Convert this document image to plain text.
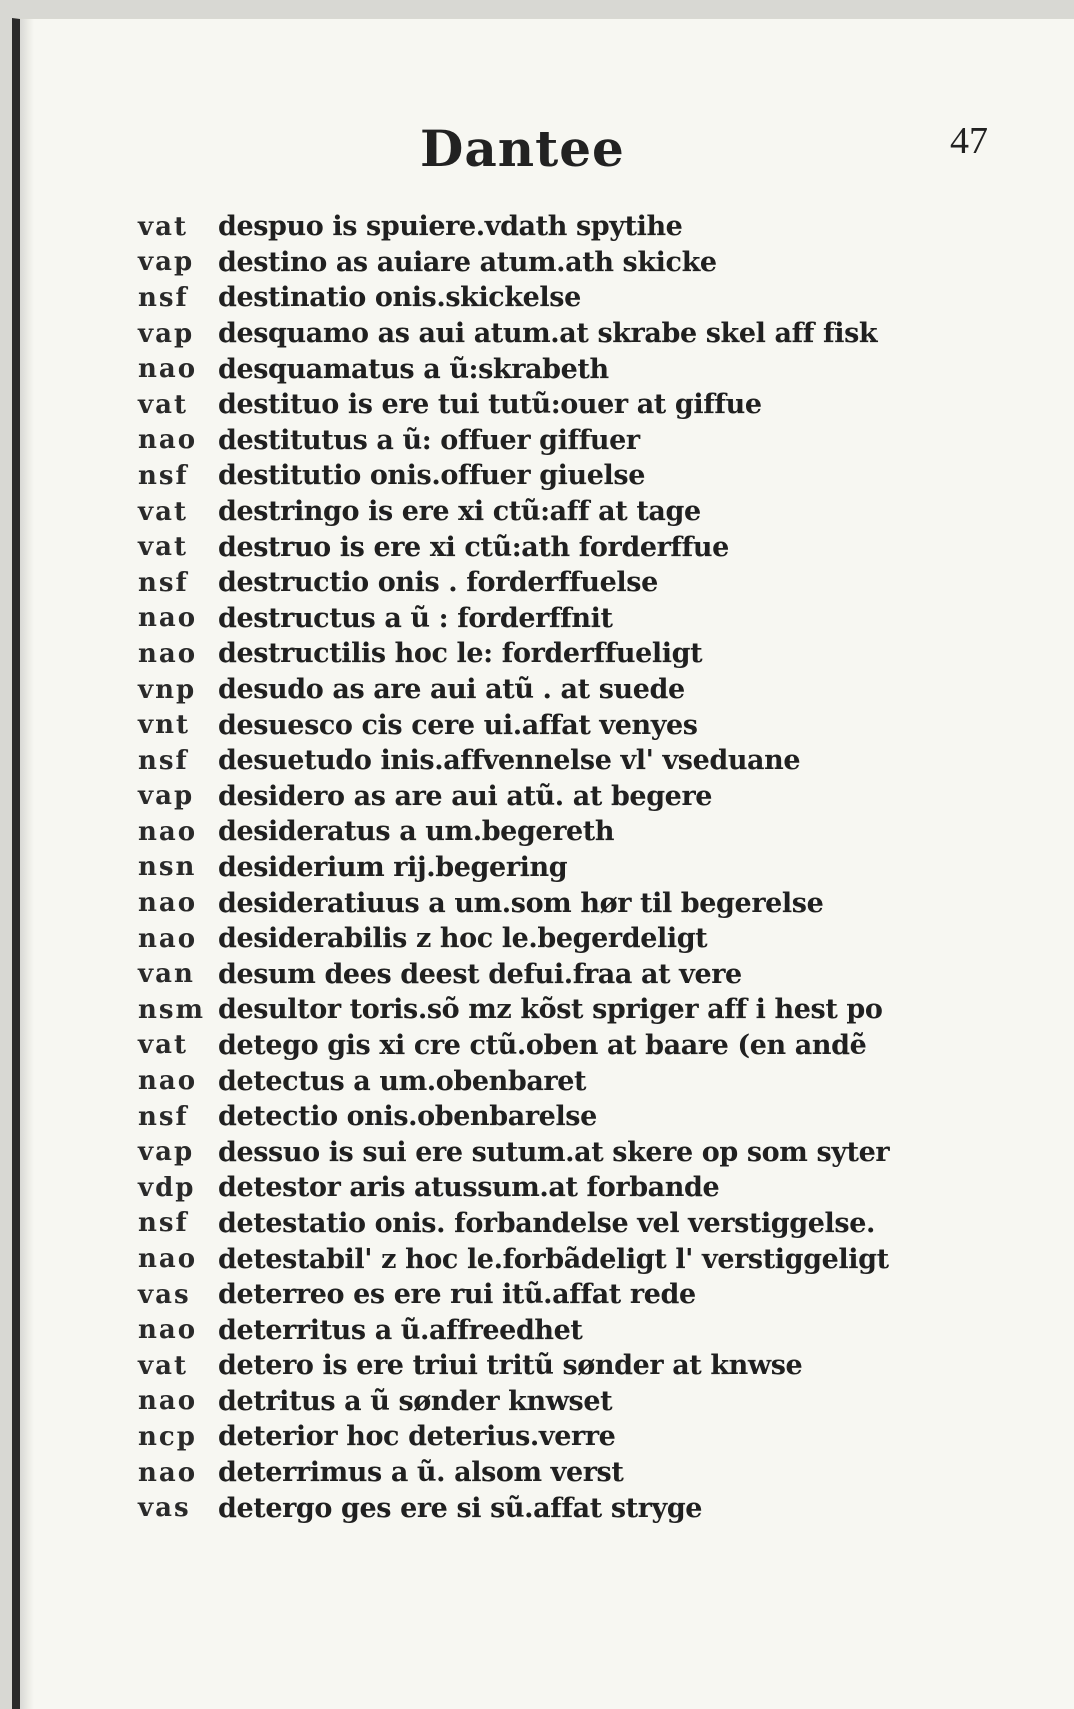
Dantee	47
vat	despuo is spuiere.vdath spytihe
vap destino as auiare atum.ath skicke
nsf	destinatio onis.skickelse
vap desquamo as aui atum.at skrabe skel aff fisk
nao desquamatus a ũ:skrabeth
vat	destituo is ere tui tutũ:ouer at giffue
nao destitutus a ũ: offuer giffuer
nsf	destitutio onis.offuer giuelse
vat	destringo is ere xi ctũ:aff at tage
vat	destruo is ere xi ctũ:ath forderffue
nsf	destructio onis . forderffuelse
nao destructus a ũ : forderffnit
nao destructilis hoc le: forderffueligt
vnp desudo as are aui atũ . at suede
vnt	desuesco cis cere ui.affat venyes
nsf	desuetudo inis.affvennelse vl' vseduane
vap desidero as are aui atũ. at begere
nao desideratus a um.begereth
nsn desiderium rij.begering
nao desideratiuus a um.som hør til begerelse
nao desiderabilis z hoc le.begerdeligt
van desum dees deest defui.fraa at vere
nsm desultor toris.sõ mz kõst spriger aff i hest po
vat	detego gis xi cre ctũ.oben at baare (en andẽ
nao detectus a um.obenbaret
nsf	detectio onis.obenbarelse
vap dessuo is sui ere sutum.at skere op som syter
vdp detestor aris atussum.at forbande
nsf	detestatio onis. forbandelse vel verstiggelse.
nao detestabil' z hoc le.forbãdeligt l' verstiggeligt
vas	deterreo es ere rui itũ.affat rede
nao deterritus a ũ.affreedhet
vat	detero is ere triui tritũ sønder at knwse
nao detritus a ũ sønder knwset
ncp deterior hoc deterius.verre
nao deterrimus a ũ. alsom verst
vas	detergo ges ere si sũ.affat strygе
